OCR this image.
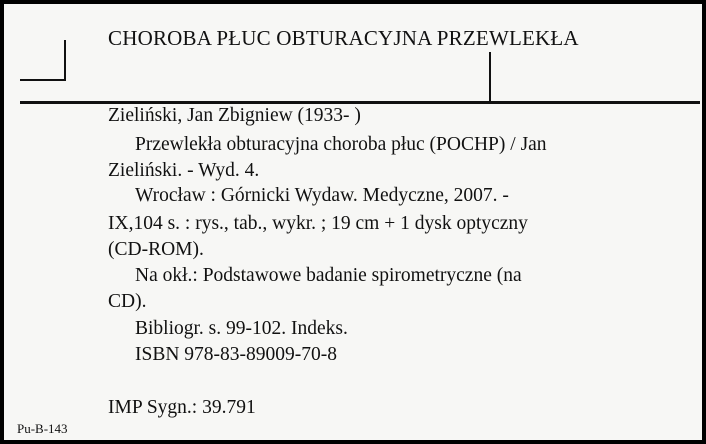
CHOROBA PŁUC OBTURACYJNA PRZEWLEKŁA
Zieliński, Jan Zbigniew (1933- )
Przewlekła obturacyjna choroba płuc (POCHP) / Jan
Zieliński. - Wyd. 4.
Wrocław : Górnicki Wydaw. Medyczne, 2007. -
IX,104 s. : rys., tab., wykr. ; 19 cm + 1 dysk optyczny
(CD-ROM).
Na okł.: Podstawowe badanie spirometryczne (na
CD).
Bibliogr. s. 99-102. Indeks.
ISBN 978-83-89009-70-8
IMP Sygn.: 39.791
Pu-B-143
